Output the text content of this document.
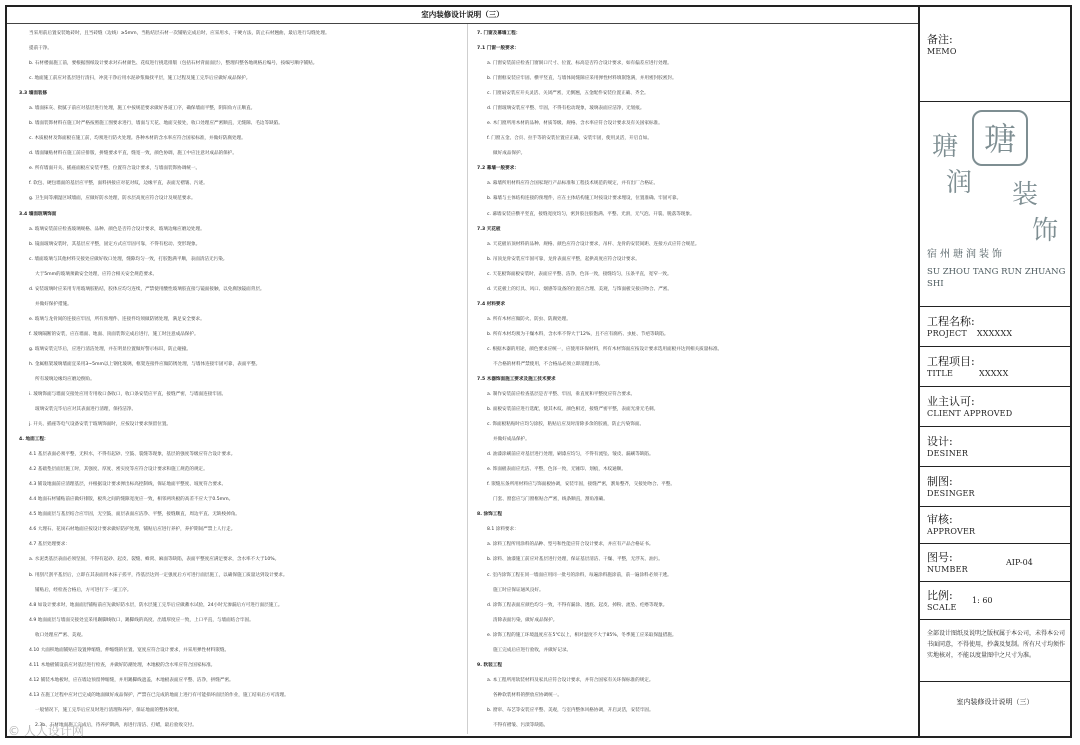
室内装修设计说明（三）
当采用前后置安装地砖时，且当砖缝（边线）≥5mm，当粘结层石材一次铺贴完成后时，应采用水，干硬方法，防止石材翘曲，最后进行勾缝处理。
提前干净。
b. 石材楼面施工前，要根据图纸设计要求对石材颜色、花纹进行挑选排版（包括石材背面面层），整理归整各地规格后编号，按编号顺序铺贴。
c. 地面施工前应对基层进行清扫，冲洗干净后用水泥砂浆做找平层，施工过程及施工完毕后应做好成品保护。
3.3 墙面装修
a. 墙面抹灰、批腻子前应对基层进行处理，施工中按规范要求做好各道工序，确保墙面平整，阴阳角方正顺直。
b. 墙面装饰材料在施工时严格按照施工图要求进行，墙面与天花、地面交接处，收口处理应严密顺直，无缝隙、毛边等缺陷。
c. 木质板材及饰面板在施工前，均须进行防火处理。各种木材的含水率应符合国家标准，并做好防腐处理。
d. 墙面镶贴材料在施工前应排版，拼缝要求平直，缝宽一致，颜色协调，施工中应注意对成品的保护。
e. 所有墙面开关、插座面板应安装平整，位置符合设计要求，与墙面装饰协调统一。
f. 软包、硬包墙面的基层应平整，面料拼接应对花对纹，边缘平直，表面无褶皱、污迹。
g. 卫生间等潮湿区域墙面，应做好防水处理，防水层高度应符合设计及规范要求。
3.4 墙面玻璃饰面
a. 玻璃安装前应检查玻璃规格、品种、颜色是否符合设计要求，玻璃边缘应磨边处理。
b. 镜面玻璃安装时，其基层应平整，固定方式应牢固可靠，不得有松动、变形现象。
c. 墙面玻璃与其他材料交接处应做好收口处理，缝隙均匀一致，打胶饱满平顺，表面清洁无污染。
大于5mm的玻璃须做安全处理，应符合相关安全规范要求。
d. 安装玻璃时应采用专用玻璃胶粘结，胶体应均匀连续，严禁使用酸性玻璃胶直接与镜面接触，以免腐蚀镜面背层。
并做好保护措施。
e. 玻璃与龙骨间的连接应牢固，所有预埋件、连接件均须做防锈处理，满足安全要求。
f. 玻璃隔断的安装，应在墙面、地面、顶面装饰完成后进行，施工时注意成品保护。
g. 玻璃安装完毕后，应进行清洁处理，并在明显位置做好警示标识，防止碰撞。
h. 金属框架玻璃墙面宜采用3~5mm以上钢化玻璃，框架连接件应做防锈处理，与墙体连接牢固可靠，表面平整。
所有玻璃边缘均应磨边倒角。
i. 玻璃饰面与墙面交接处应用专用收口条收口，收口条安装应平直，接缝严密，与墙面连接牢固。
玻璃安装完毕后应对其表面进行清理，保持洁净。
j. 开关、插座等电气设备安装于玻璃饰面时，应按设计要求预留位置。
4. 地面工程：
4.1 基层表面必须平整，无积水，不得有起砂、空鼓、裂缝等现象，基层的强度等级应符合设计要求。
4.2 基础垫层面层施工时，其强度、厚度、密实度等应符合设计要求和施工规范的规定。
4.3 铺设地面前应清理基层，并根据设计要求弹出标高控制线，保证地面平整度、坡度符合要求。
4.4 地面石材铺贴前应做好排版，板块之间的缝隙宽度应一致，相邻两块板的高差不应大于0.5mm。
4.5 地面面层与基层结合应牢固，无空鼓，面层表面应洁净、平整，接缝顺直，周边平直、无缺棱掉角。
4.6 大理石、花岗石材地面应按设计要求做好防护处理，铺贴后应进行养护，养护期间严禁上人行走。
4.7 基层处理要求：
a. 水泥类基层表面必须坚固，不得有起砂、起皮、裂缝、蜂窝、麻面等缺陷，表面平整度应满足要求，含水率不大于10%。
b. 用刮尺刮平基层后，立即在其表面用木抹子搓平，待基层达到一定强度后方可进行面层施工，以确保施工质量达到设计要求。
铺贴后，经检查合格后，方可进行下一道工序。
4.8 如设计要求时，地面面层铺贴前应先做好防水层，防水层施工完毕后应做蓄水试验，24小时无渗漏后方可进行面层施工。
4.9 地面面层与墙面交接处宜采用踢脚线收口，踢脚线的高度、出墙厚度应一致，上口平直，与墙面结合牢固。
收口处理应严密、美观。
4.10 大面积地面铺贴应设置伸缩缝，伸缩缝的位置、宽度应符合设计要求，并采用弹性材料嵌缝。
4.11 木地板铺设前应对基层进行检查，并做好防潮处理，木地板的含水率应符合国家标准。
4.12 铺装木地板时，应在墙边预留伸缩缝，并用踢脚线遮盖，木地板表面应平整、洁净，拼缝严密。
4.13 在施工过程中应对已完成的地面做好成品保护，严禁在已完成的地面上进行有可能损坏面层的作业，施工结束后方可清理。
一般情况下，施工完毕后应及时进行清理和养护，保证地面的整体效果。
2.3b、石材地面施工完成后，待养护期满，再进行清洁、打蜡，最后验收交付。
7. 门窗及幕墙工程：
7.1 门窗一般要求：
a. 门窗安装前应检查门窗洞口尺寸、位置、标高是否符合设计要求，如有偏差应进行处理。
b. 门窗框安装应牢固、横平竖直，与墙体间缝隙应采用弹性材料填嵌饱满，并用密封胶密封。
c. 门窗扇安装应开关灵活、关闭严密，无倒翘，五金配件安装位置正确、齐全。
d. 门窗玻璃安装应平整、牢固，不得有松动现象，玻璃表面应洁净，无划痕。
e. 木门窗所用木材的品种、材质等级、规格、含水率应符合设计要求及有关国家标准。
f. 门窗五金、合页、拉手等的安装位置应正确，安装牢固，使用灵活，开启自如。
做好成品保护。
7.2 幕墙一般要求：
a. 幕墙所用材料应符合国家现行产品标准和工程技术规范的规定，并有出厂合格证。
b. 幕墙与主体结构连接的预埋件，应在主体结构施工时按设计要求埋设，位置准确、牢固可靠。
c. 幕墙安装应横平竖直，接缝宽度均匀，密封胶注胶饱满、平整、光滑，无气泡、开裂、脱落等现象。
7.3 天花板
a. 天花板吊顶材料的品种、规格、颜色应符合设计要求，吊杆、龙骨的安装间距、连接方式应符合规范。
b. 吊顶龙骨安装应牢固可靠，龙骨表面应平整，起拱高度应符合设计要求。
c. 天花板饰面板安装时，表面应平整、洁净，色泽一致，接缝均匀，压条平直，宽窄一致。
d. 天花板上的灯具、风口、烟感等设备的位置应合理、美观，与饰面板交接应吻合、严密。
7.4 材料要求
a. 所有木材应做防火、防虫、防腐处理。
b. 所有木材均须为干燥木料，含水率不得大于12%，且不应有腐朽、虫蛀、节疤等缺陷。
c. 根据木器的用途，颜色要求应统一，应使用环保材料，所有木材饰面应按设计要求选用面板并达到相关质量标准。
不合格的材料严禁使用，不合格品必须立即清理出场。
7.5 木器饰面施工要求及施工技术要求
a. 制作安装前应检查基层是否平整、牢固，垂直度和平整度应符合要求。
b. 面板安装前应进行选配，使其木纹、颜色相近，接缝严密平整，表面光滑无毛刺。
c. 饰面板粘贴时应均匀涂胶，粘贴后应及时清除多余的胶液，防止污染饰面。
并做好成品保护。
d. 油漆涂刷前应对基层进行处理，刷漆应均匀，不得有流坠、皱皮、漏刷等缺陷。
e. 饰面板表面应光洁、平整，色泽一致，无锤印、划痕，木纹通顺。
f. 嵌缝压条所用材料应与饰面板协调，安装牢固，接缝严密，割角整齐，交接处吻合、平整。
门套、窗套应与门窗框贴合严密，线条顺直，割角准确。
8. 涂饰工程
8.1 涂料要求：
a. 涂料工程所用涂料的品种、型号和性能应符合设计要求，并应有产品合格证书。
b. 涂料、油漆施工前应对基层进行处理，保证基层清洁、干燥、平整，无浮灰、油污。
c. 室内涂饰工程在同一墙面应用同一批号的涂料，每遍涂料施涂前，前一遍涂料必须干透。
施工时应保证通风良好。
d. 涂饰工程表面应颜色均匀一致，不得有漏涂、透底、起皮、掉粉、流坠、疙瘩等现象。
清除表面污染，做好成品保护。
e. 涂饰工程的施工环境温度应在5℃以上，相对湿度不大于85%，冬季施工应采取保温措施。
施工完成后应进行验收，并做好记录。
9. 软装工程
a. 本工程所用软装材料及家具应符合设计要求，并符合国家有关环保标准的规定。
各种软装材料的摆放应协调统一。
b. 窗帘、布艺等安装应平整、美观，与室内整体风格协调，开启灵活，安装牢固。
不得有褶皱、污渍等缺陷。
备注:
MEMO
瑭
瑭
润 装
饰
宿州瑭润装饰
SU ZHOU TANG RUN ZHUANG SHI
工程名称:
PROJECT XXXXXX
工程项目:
TITLE	XXXXX
业主认可:
CLIENT APPROVED
设计:
DESINER
制图:
DESINGER
审核:
APPROVER
图号:
NUMBER
AIP-04
比例:
SCALE
1: 60
全部设计图纸及说明之版权属于本公司，未得本公司书面同意，不得使用，抄袭及复制。所有尺寸均须作实地核对，不能以度量图中之尺寸为准。
室内装修设计说明（三）
© 人人设计网
